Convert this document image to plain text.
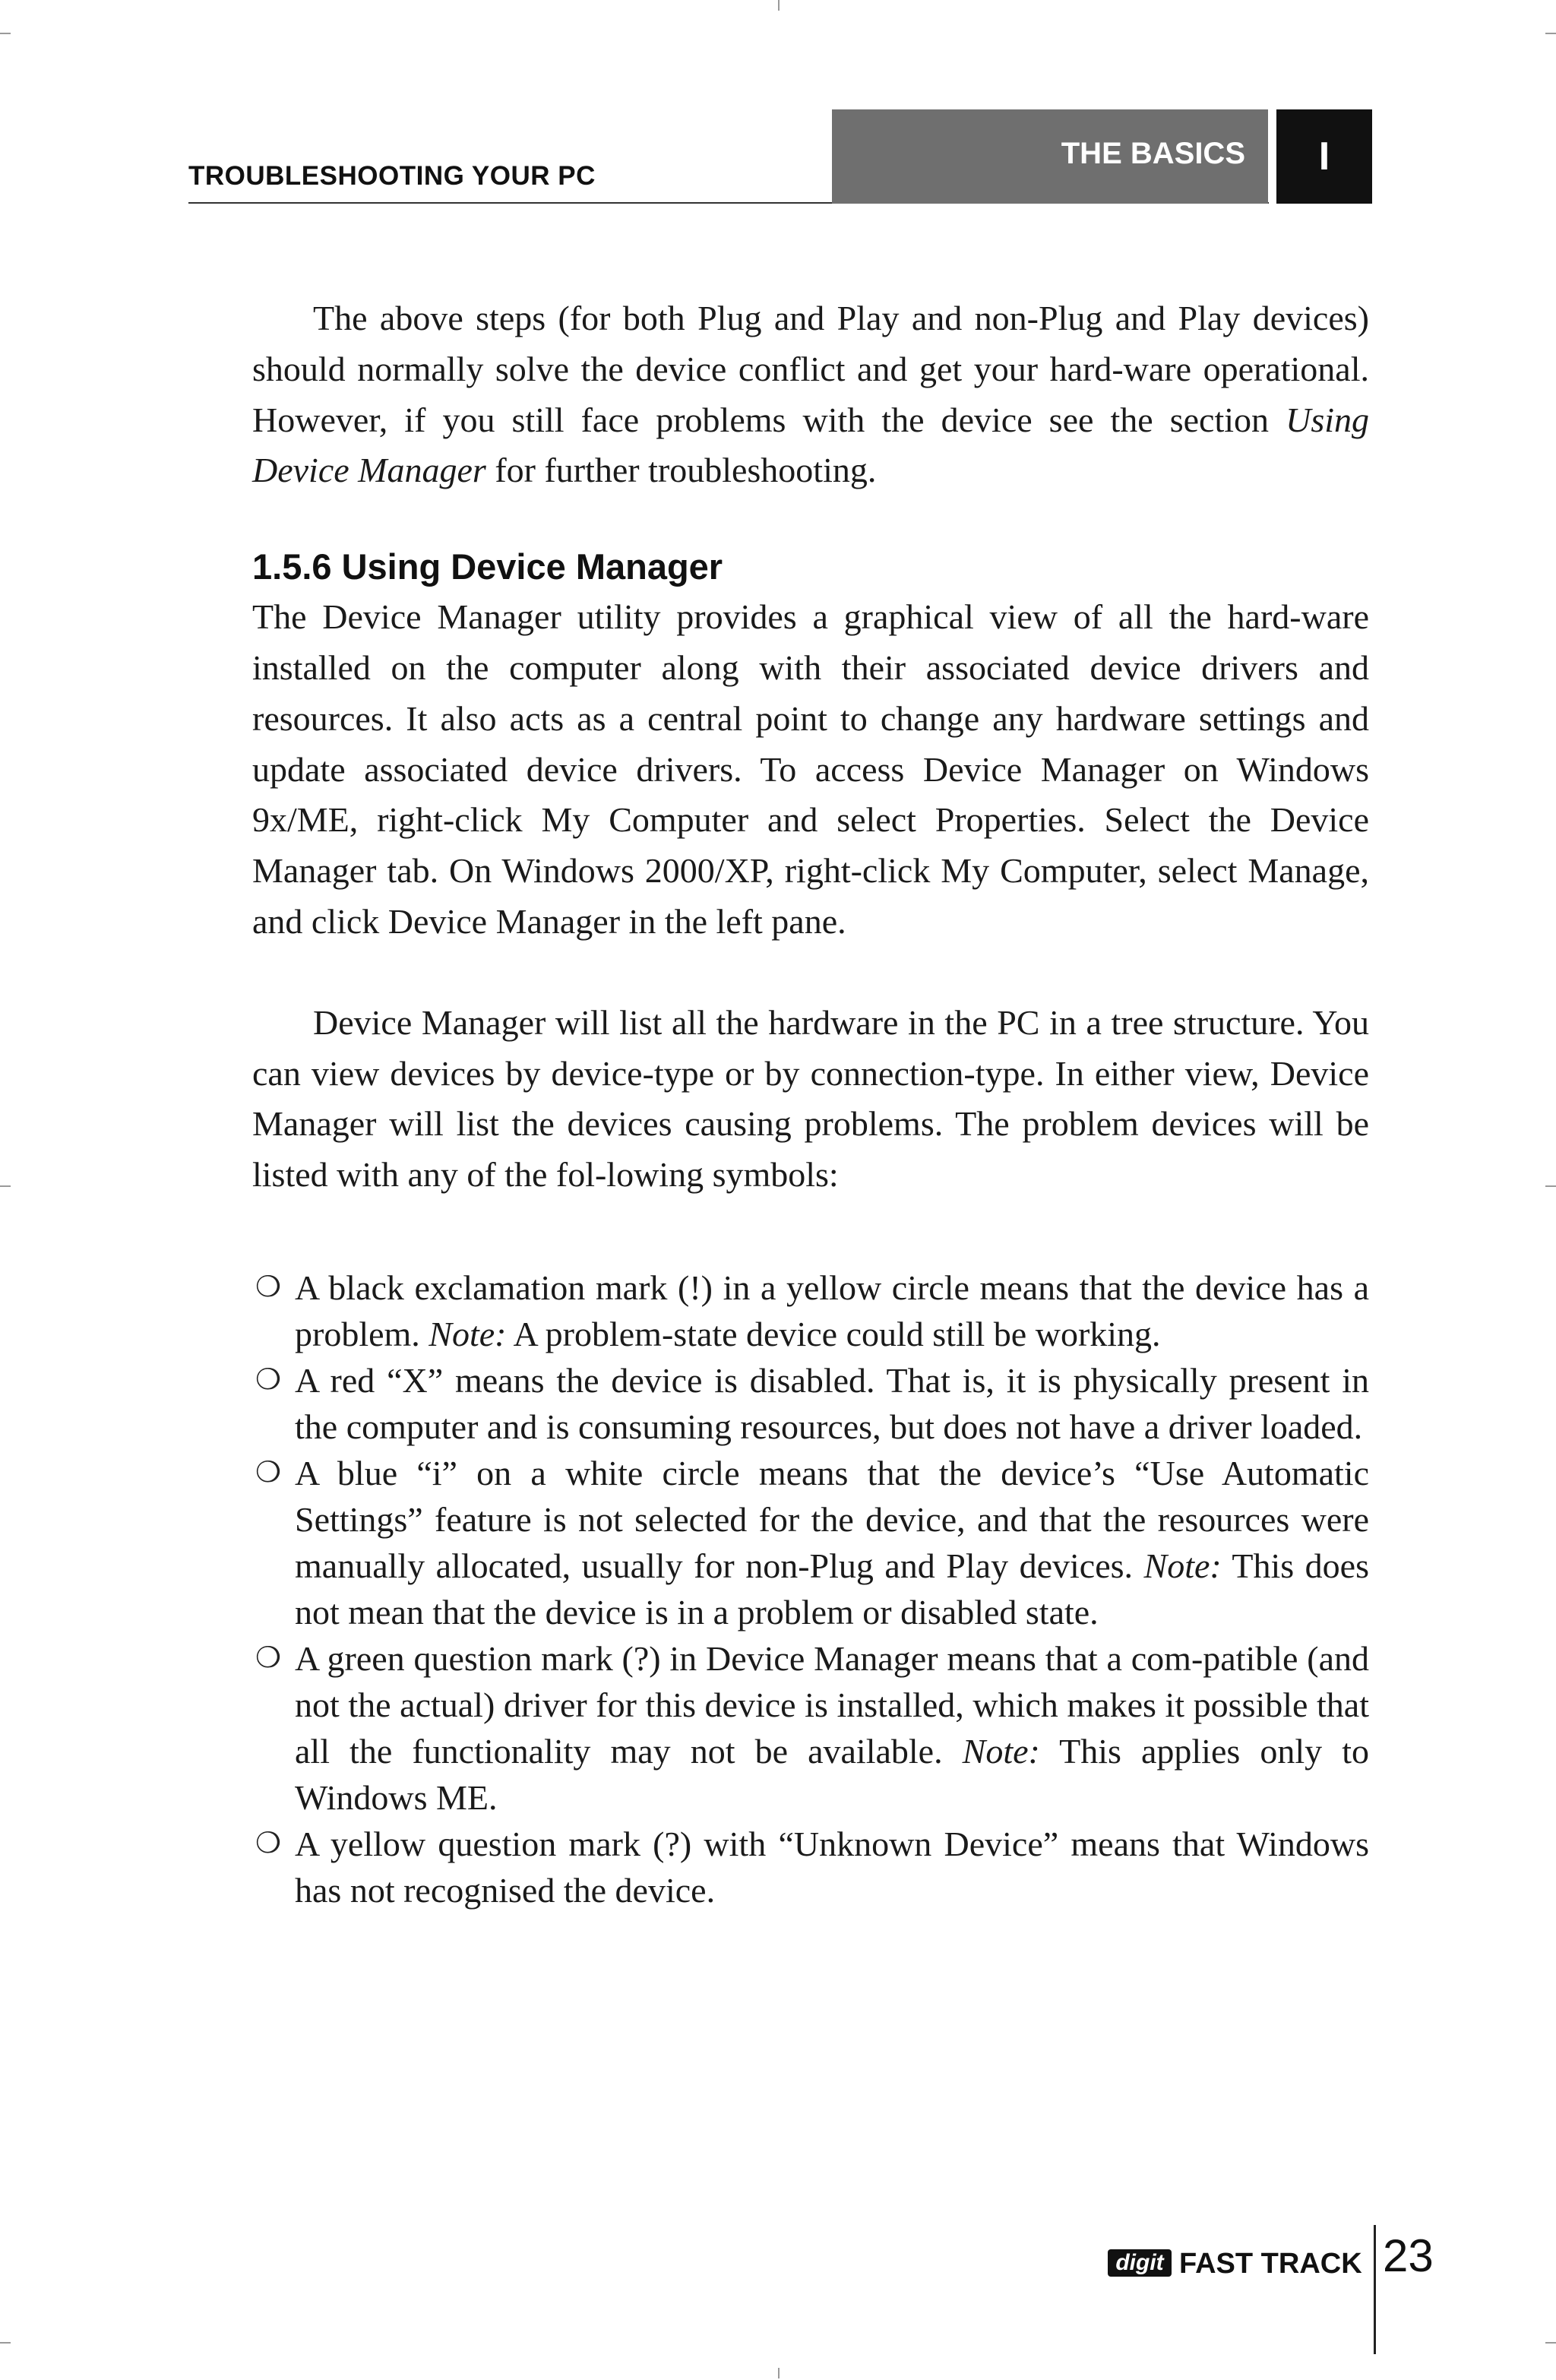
TROUBLESHOOTING YOUR PC
THE BASICS	I

The above steps (for both Plug and Play and non-Plug and Play devices) should normally solve the device conflict and get your hard-ware operational. However, if you still face problems with the device see the section Using Device Manager for further troubleshooting.

1.5.6 Using Device Manager

The Device Manager utility provides a graphical view of all the hard-ware installed on the computer along with their associated device drivers and resources. It also acts as a central point to change any hardware settings and update associated device drivers. To access Device Manager on Windows 9x/ME, right-click My Computer and select Properties. Select the Device Manager tab. On Windows 2000/XP, right-click My Computer, select Manage, and click Device Manager in the left pane.

Device Manager will list all the hardware in the PC in a tree structure. You can view devices by device-type or by connection-type. In either view, Device Manager will list the devices causing problems. The problem devices will be listed with any of the fol-lowing symbols:

❍ A black exclamation mark (!) in a yellow circle means that the device has a problem. Note: A problem-state device could still be working.
❍ A red “X” means the device is disabled. That is, it is physically present in the computer and is consuming resources, but does not have a driver loaded.
❍ A blue “i” on a white circle means that the device’s “Use Automatic Settings” feature is not selected for the device, and that the resources were manually allocated, usually for non-Plug and Play devices. Note: This does not mean that the device is in a problem or disabled state.
❍ A green question mark (?) in Device Manager means that a com-patible (and not the actual) driver for this device is installed, which makes it possible that all the functionality may not be available. Note: This applies only to Windows ME.
❍ A yellow question mark (?) with “Unknown Device” means that Windows has not recognised the device.
digit FAST TRACK 23
